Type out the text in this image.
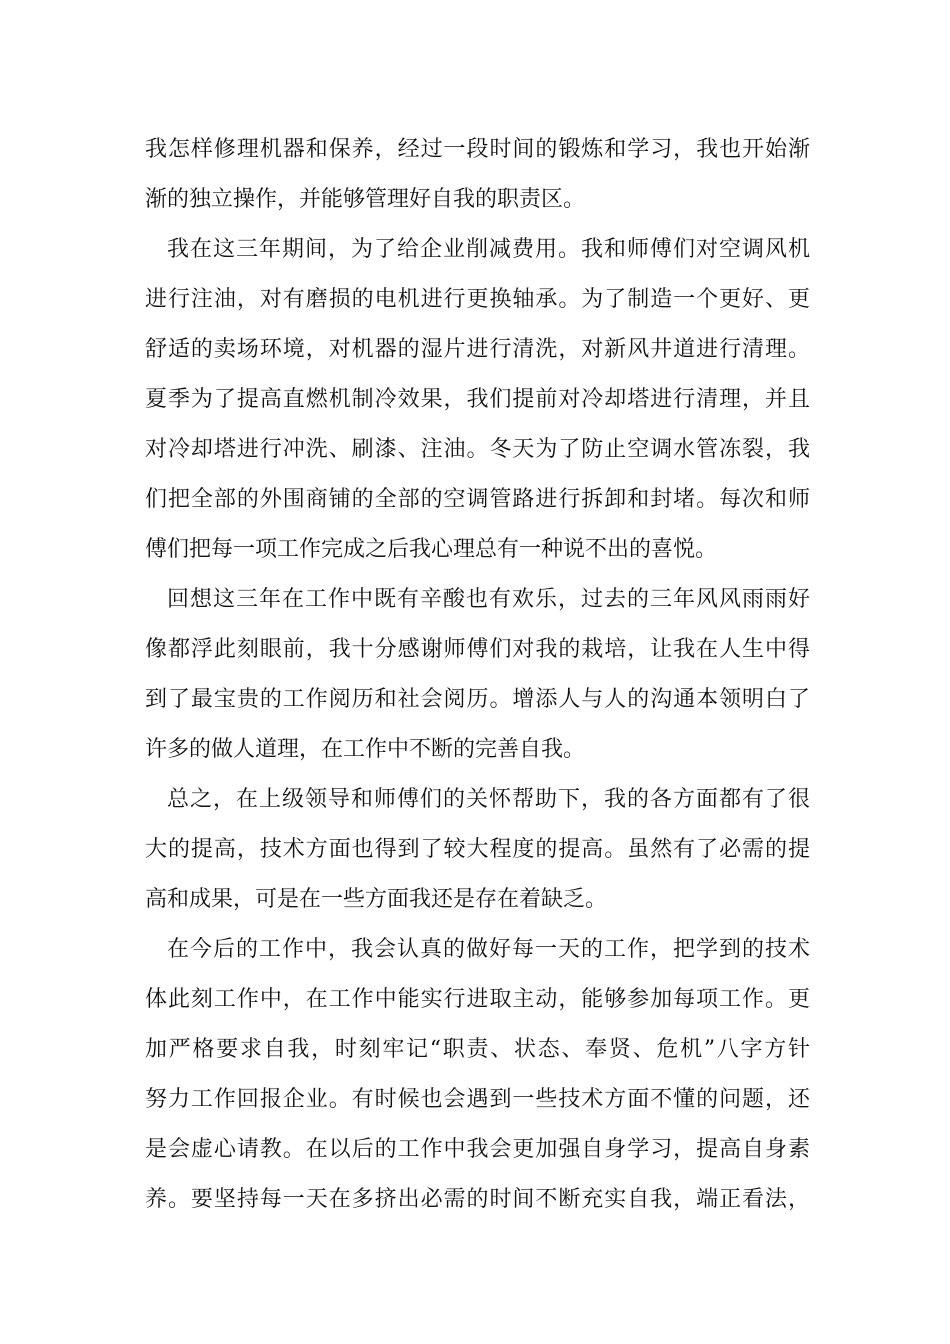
我怎样修理机器和保养，经过一段时间的锻炼和学习，我也开始渐
渐的独立操作，并能够管理好自我的职责区。
我在这三年期间，为了给企业削减费用。我和师傅们对空调风机
进行注油，对有磨损的电机进行更换轴承。为了制造一个更好、更
舒适的卖场环境，对机器的湿片进行清洗，对新风井道进行清理。
夏季为了提高直燃机制冷效果，我们提前对冷却塔进行清理，并且
对冷却塔进行冲洗、刷漆、注油。冬天为了防止空调水管冻裂，我
们把全部的外围商铺的全部的空调管路进行拆卸和封堵。每次和师
傅们把每一项工作完成之后我心理总有一种说不出的喜悦。
回想这三年在工作中既有辛酸也有欢乐，过去的三年风风雨雨好
像都浮此刻眼前，我十分感谢师傅们对我的栽培，让我在人生中得
到了最宝贵的工作阅历和社会阅历。增添人与人的沟通本领明白了
许多的做人道理，在工作中不断的完善自我。
总之，在上级领导和师傅们的关怀帮助下，我的各方面都有了很
大的提高，技术方面也得到了较大程度的提高。虽然有了必需的提
高和成果，可是在一些方面我还是存在着缺乏。
在今后的工作中，我会认真的做好每一天的工作，把学到的技术
体此刻工作中，在工作中能实行进取主动，能够参加每项工作。更
加严格要求自我，时刻牢记“职责、状态、奉贤、危机”八字方针
努力工作回报企业。有时候也会遇到一些技术方面不懂的问题，还
是会虚心请教。在以后的工作中我会更加强自身学习，提高自身素
养。要坚持每一天在多挤出必需的时间不断充实自我，端正看法，
